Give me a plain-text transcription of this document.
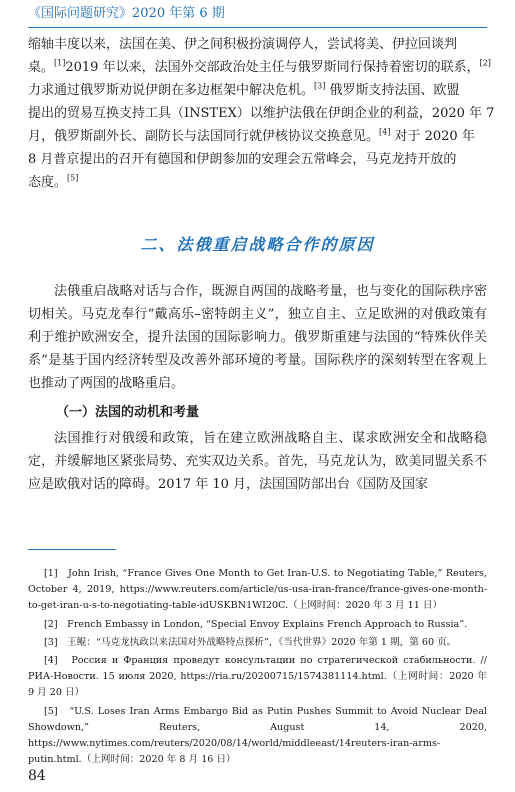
《国际问题研究》2020 年第 6 期
缩轴丰度以来，法国在美、伊之间积极扮演调停人，尝试将美、伊拉回谈判
桌。[1]2019 年以来，法国外交部政治处主任与俄罗斯同行保持着密切的联系，[2]
力求通过俄罗斯劝说伊朗在多边框架中解决危机。[3] 俄罗斯支持法国、欧盟
提出的贸易互换支持工具（INSTEX）以维护法俄在伊朗企业的利益，2020 年 7
月，俄罗斯副外长、副防长与法国同行就伊核协议交换意见。[4] 对于 2020 年
8 月普京提出的召开有德国和伊朗参加的安理会五常峰会，马克龙持开放的
态度。[5]
二、法俄重启战略合作的原因
法俄重启战略对话与合作，既源自两国的战略考量，也与变化的国际秩序密切相关。马克龙奉行“戴高乐–密特朗主义”，独立自主、立足欧洲的对俄政策有利于维护欧洲安全，提升法国的国际影响力。俄罗斯重建与法国的“特殊伙伴关系”是基于国内经济转型及改善外部环境的考量。国际秩序的深刻转型在客观上也推动了两国的战略重启。
（一）法国的动机和考量
法国推行对俄缓和政策，旨在建立欧洲战略自主、谋求欧洲安全和战略稳定，并缓解地区紧张局势、充实双边关系。首先，马克龙认为，欧美同盟关系不应是欧俄对话的障碍。2017 年 10 月，法国国防部出台《国防及国家

[1]　John Irish, “France Gives One Month to Get Iran-U.S. to Negotiating Table,” Reuters, October 4, 2019, https://www.reuters.com/article/us-usa-iran-france/france-gives-one-month-to-get-iran-u-s-to-negotiating-table-idUSKBN1WI20C.（上网时间：2020 年 3 月 11 日）

[2]　French Embassy in London, “Special Envoy Explains French Approach to Russia”.

[3]　王鲲：“马克龙执政以来法国对外战略特点探析”，《当代世界》2020 年第 1 期，第 60 页。

[4]　Россия и Франция проведут консультации по стратегической стабильности. // РИА-Новости. 15 июля 2020, https://ria.ru/20200715/1574381114.html.（上网时间：2020 年 9 月 20 日）

[5]　“U.S. Loses Iran Arms Embargo Bid as Putin Pushes Summit to Avoid Nuclear Deal Showdown,” Reuters, August 14, 2020, https://www.nytimes.com/reuters/2020/08/14/world/middleeast/14reuters-iran-arms-putin.html.（上网时间：2020 年 8 月 16 日）

84
